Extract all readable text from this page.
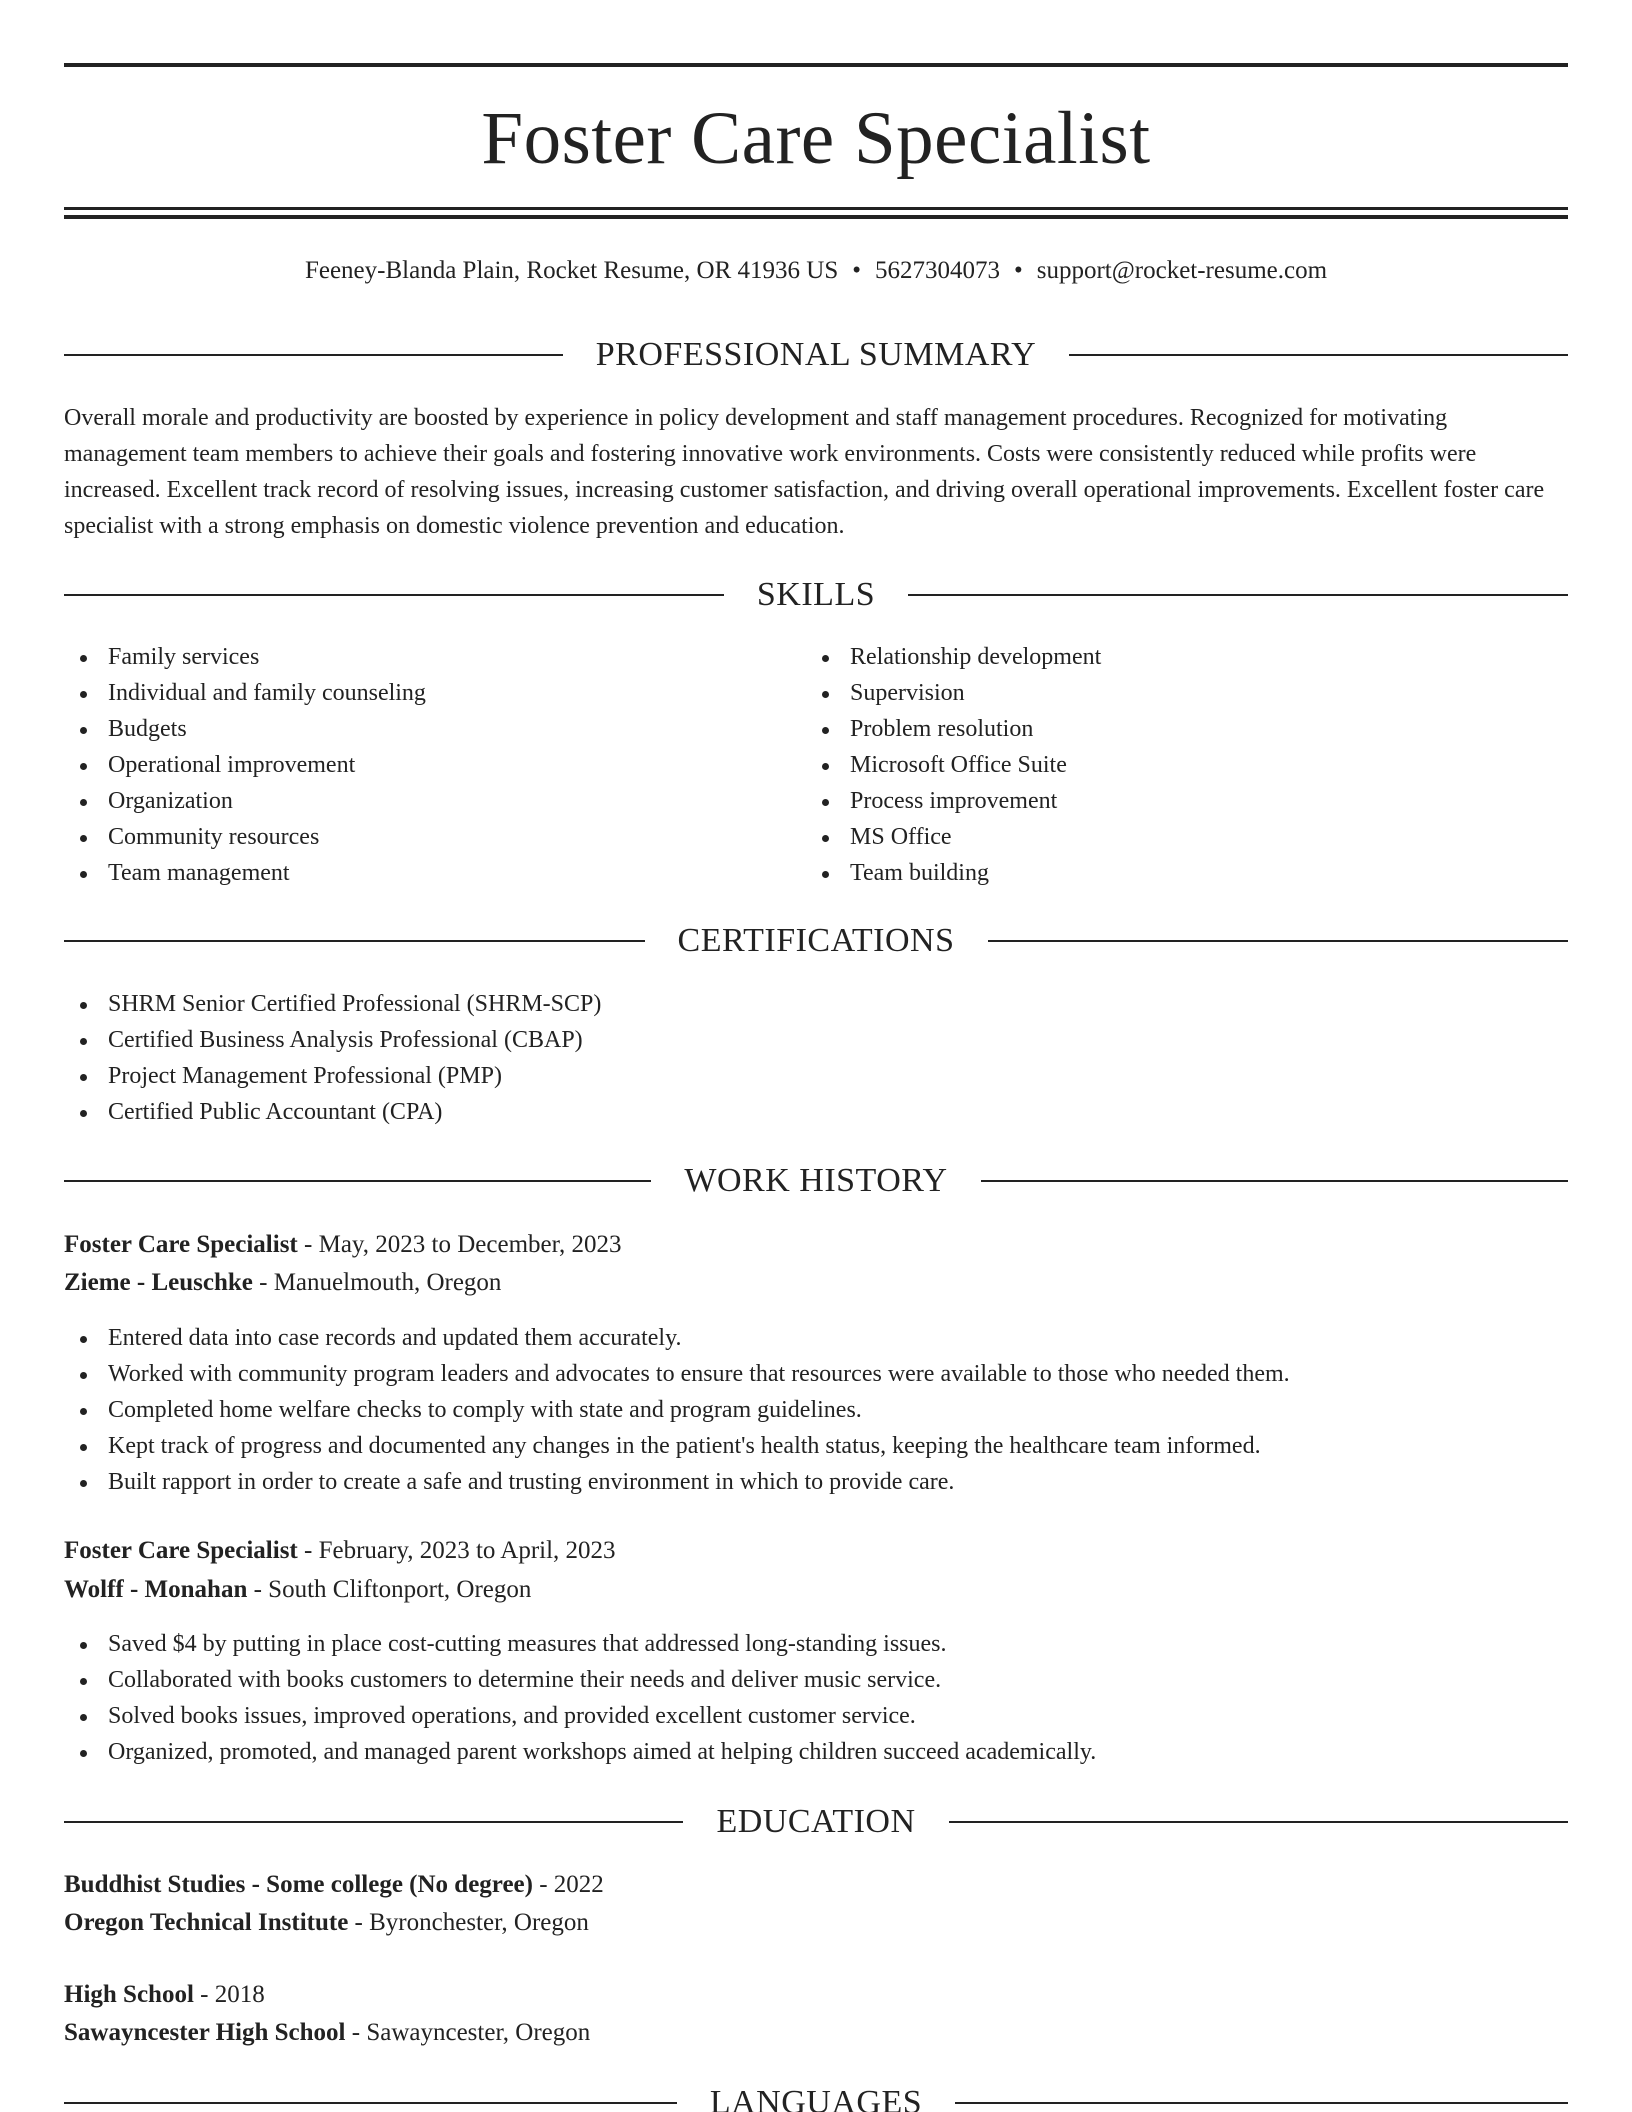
Foster Care Specialist
Feeney-Blanda Plain, Rocket Resume, OR 41936 US • 5627304073 • support@rocket-resume.com
PROFESSIONAL SUMMARY

Overall morale and productivity are boosted by experience in policy development and staff management procedures. Recognized for motivating management team members to achieve their goals and fostering innovative work environments. Costs were consistently reduced while profits were increased. Excellent track record of resolving issues, increasing customer satisfaction, and driving overall operational improvements. Excellent foster care specialist with a strong emphasis on domestic violence prevention and education.

SKILLS
Family services
Individual and family counseling
Budgets
Operational improvement
Organization
Community resources
Team management
Relationship development
Supervision
Problem resolution
Microsoft Office Suite
Process improvement
MS Office
Team building
CERTIFICATIONS
SHRM Senior Certified Professional (SHRM-SCP)
Certified Business Analysis Professional (CBAP)
Project Management Professional (PMP)
Certified Public Accountant (CPA)
WORK HISTORY
Foster Care Specialist - May, 2023 to December, 2023
Zieme - Leuschke - Manuelmouth, Oregon
Entered data into case records and updated them accurately.
Worked with community program leaders and advocates to ensure that resources were available to those who needed them.
Completed home welfare checks to comply with state and program guidelines.
Kept track of progress and documented any changes in the patient's health status, keeping the healthcare team informed.
Built rapport in order to create a safe and trusting environment in which to provide care.
Foster Care Specialist - February, 2023 to April, 2023
Wolff - Monahan - South Cliftonport, Oregon
Saved $4 by putting in place cost-cutting measures that addressed long-standing issues.
Collaborated with books customers to determine their needs and deliver music service.
Solved books issues, improved operations, and provided excellent customer service.
Organized, promoted, and managed parent workshops aimed at helping children succeed academically.
EDUCATION
Buddhist Studies - Some college (No degree) - 2022
Oregon Technical Institute - Byronchester, Oregon
High School - 2018
Sawayncester High School - Sawayncester, Oregon
LANGUAGES
